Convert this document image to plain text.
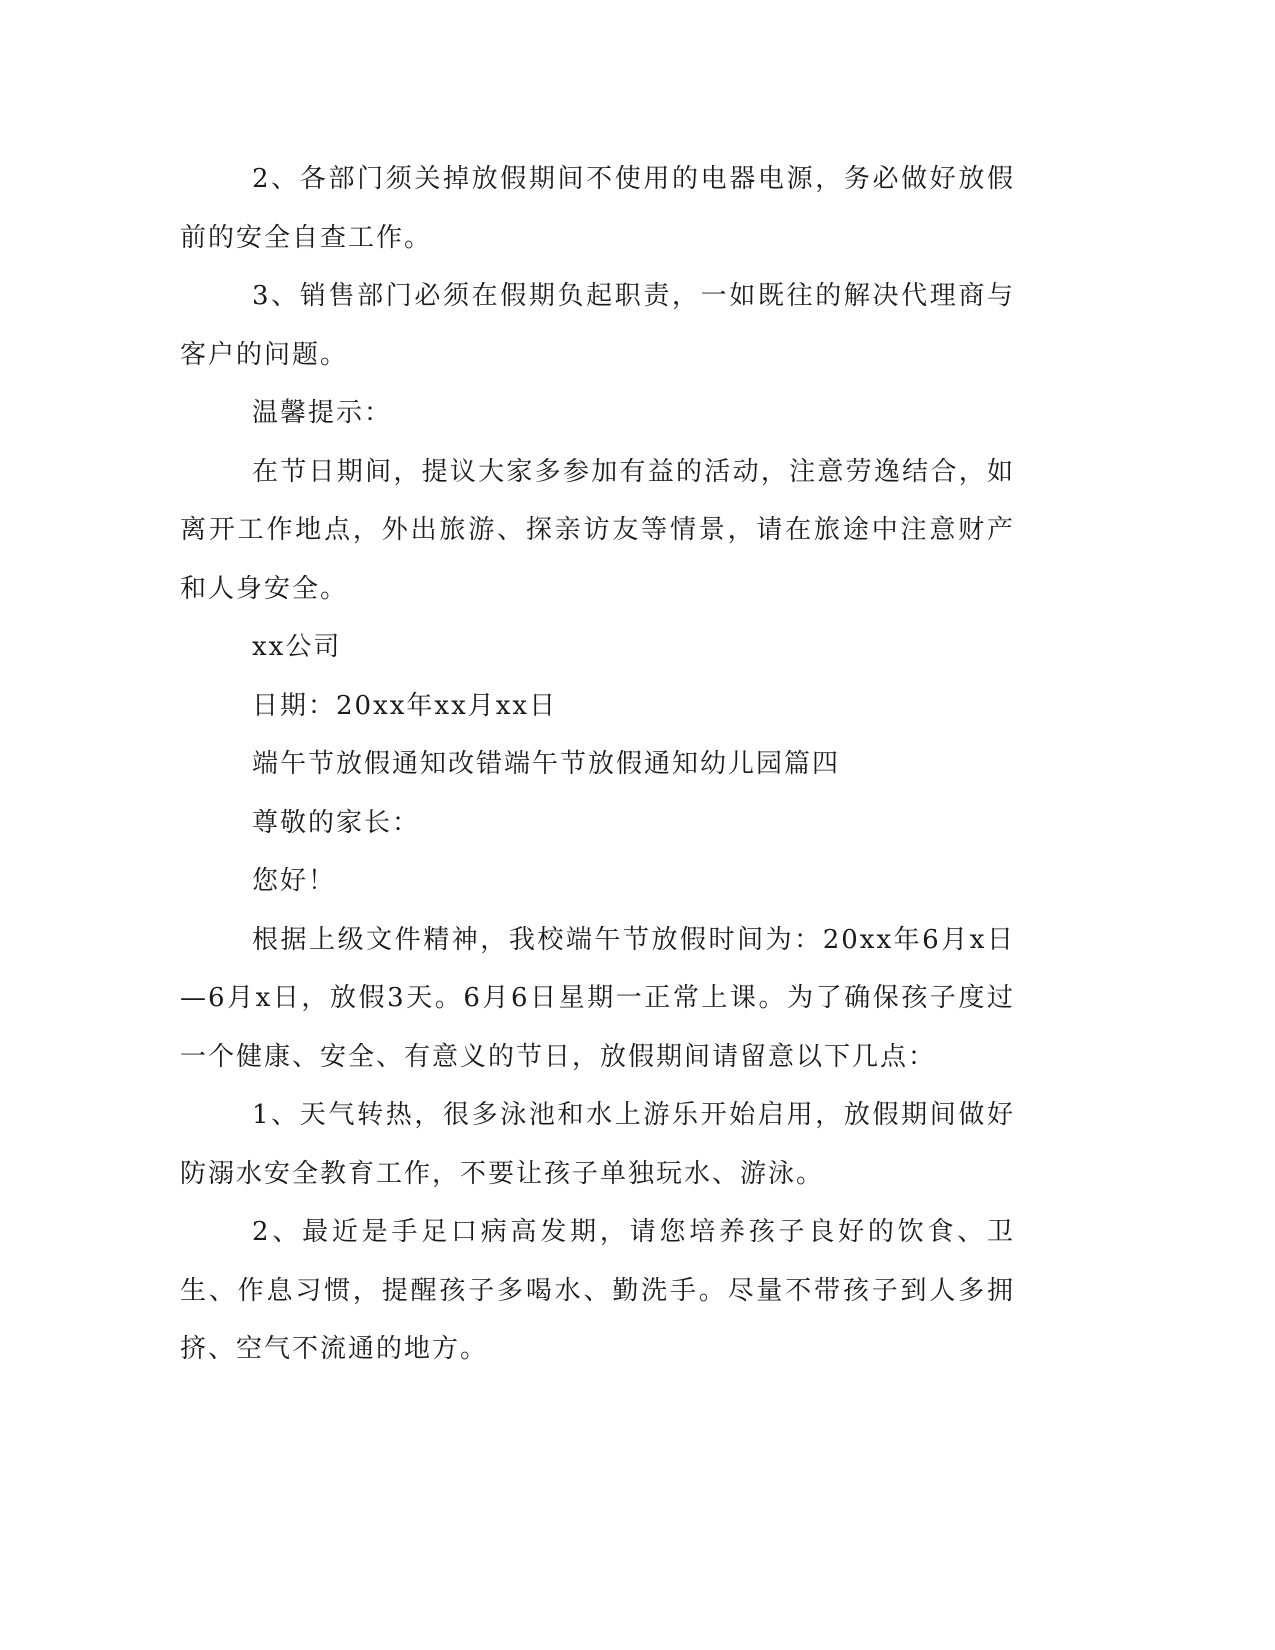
2、各部门须关掉放假期间不使用的电器电源，务必做好放假前的安全自查工作。

3、销售部门必须在假期负起职责，一如既往的解决代理商与客户的问题。

温馨提示：

在节日期间，提议大家多参加有益的活动，注意劳逸结合，如离开工作地点，外出旅游、探亲访友等情景，请在旅途中注意财产和人身安全。

xx公司

日期：20xx年xx月xx日

端午节放假通知改错端午节放假通知幼儿园篇四

尊敬的家长：

您好！

根据上级文件精神，我校端午节放假时间为：20xx年6月x日—6月x日，放假3天。6月6日星期一正常上课。为了确保孩子度过一个健康、安全、有意义的节日，放假期间请留意以下几点：

1、天气转热，很多泳池和水上游乐开始启用，放假期间做好防溺水安全教育工作，不要让孩子单独玩水、游泳。

2、最近是手足口病高发期，请您培养孩子良好的饮食、卫生、作息习惯，提醒孩子多喝水、勤洗手。尽量不带孩子到人多拥挤、空气不流通的地方。
